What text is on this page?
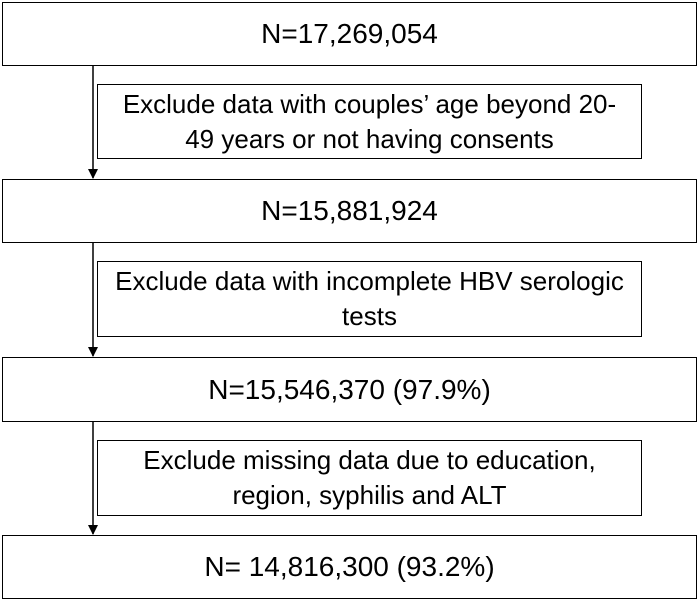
N=17,269,054
Exclude data with couples’ age beyond 20-
49 years or not having consents
N=15,881,924
Exclude data with incomplete HBV serologic
tests
N=15,546,370 (97.9%)
Exclude missing data due to education,
region, syphilis and ALT
N= 14,816,300 (93.2%)
